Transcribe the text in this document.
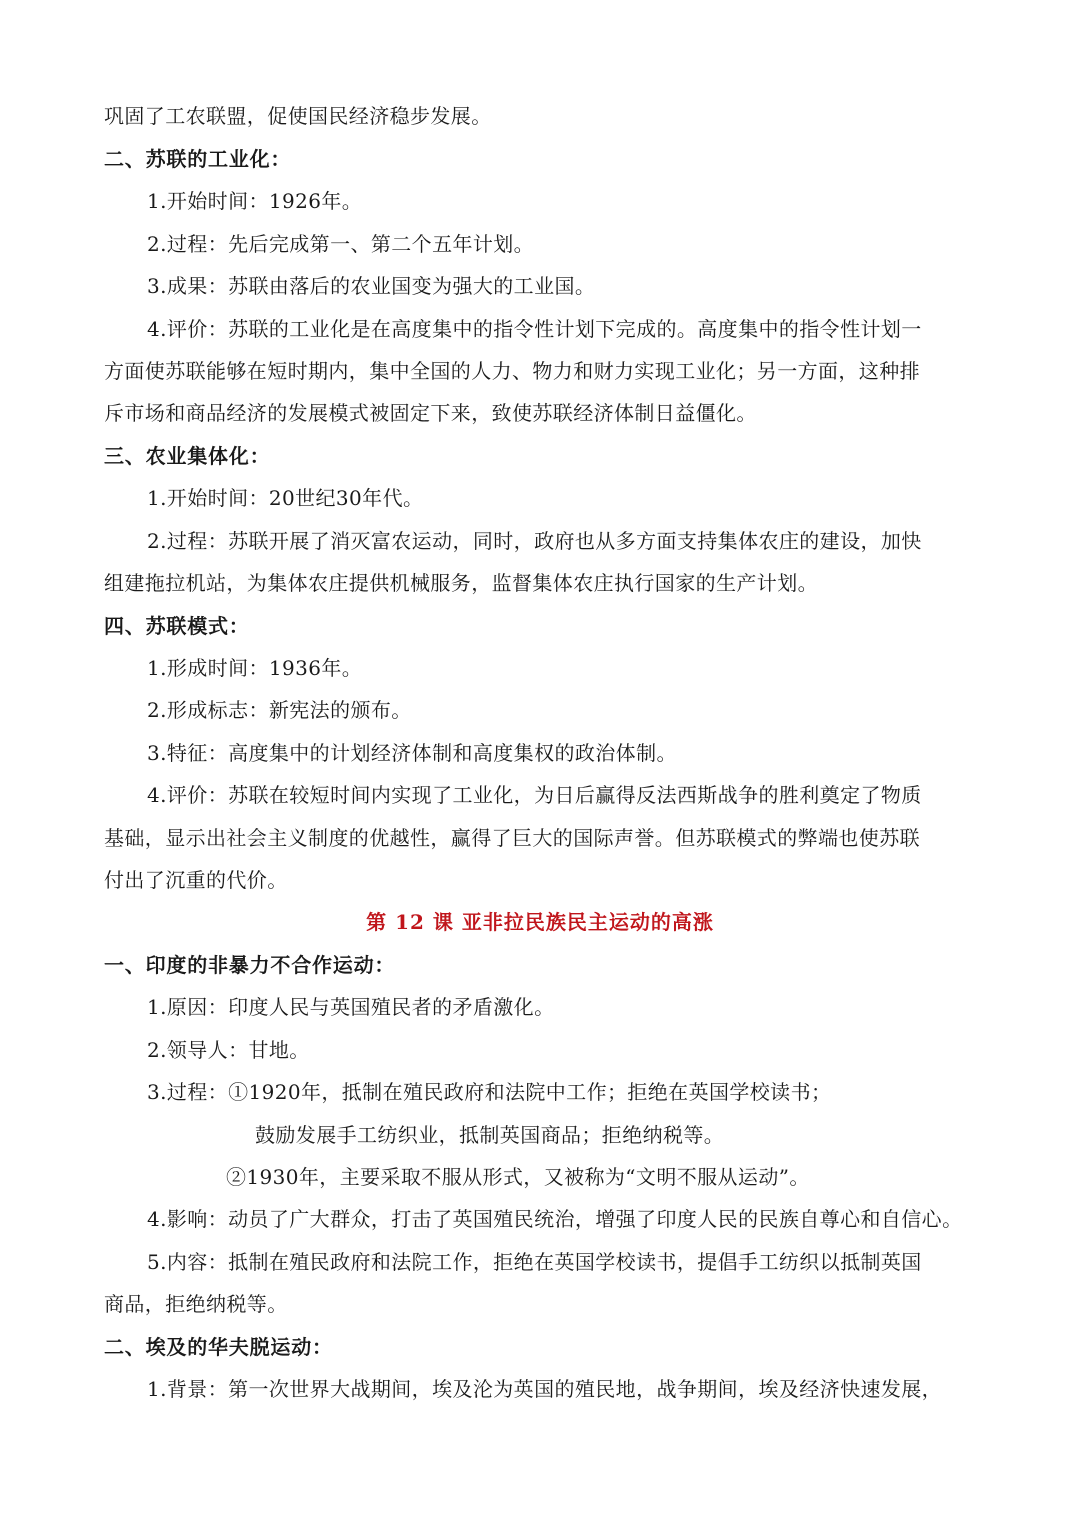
巩固了工农联盟，促使国民经济稳步发展。
二、苏联的工业化：
1.开始时间：1926年。
2.过程：先后完成第一、第二个五年计划。
3.成果：苏联由落后的农业国变为强大的工业国。
4.评价：苏联的工业化是在高度集中的指令性计划下完成的。高度集中的指令性计划一
方面使苏联能够在短时期内，集中全国的人力、物力和财力实现工业化；另一方面，这种排
斥市场和商品经济的发展模式被固定下来，致使苏联经济体制日益僵化。
三、农业集体化：
1.开始时间：20世纪30年代。
2.过程：苏联开展了消灭富农运动，同时，政府也从多方面支持集体农庄的建设，加快
组建拖拉机站，为集体农庄提供机械服务，监督集体农庄执行国家的生产计划。
四、苏联模式：
1.形成时间：1936年。
2.形成标志：新宪法的颁布。
3.特征：高度集中的计划经济体制和高度集权的政治体制。
4.评价：苏联在较短时间内实现了工业化，为日后赢得反法西斯战争的胜利奠定了物质
基础，显示出社会主义制度的优越性，赢得了巨大的国际声誉。但苏联模式的弊端也使苏联
付出了沉重的代价。
第 12 课 亚非拉民族民主运动的高涨
一、印度的非暴力不合作运动：
1.原因：印度人民与英国殖民者的矛盾激化。
2.领导人：甘地。
3.过程：①1920年，抵制在殖民政府和法院中工作；拒绝在英国学校读书；
鼓励发展手工纺织业，抵制英国商品；拒绝纳税等。
②1930年，主要采取不服从形式，又被称为“文明不服从运动”。
4.影响：动员了广大群众，打击了英国殖民统治，增强了印度人民的民族自尊心和自信心。
5.内容：抵制在殖民政府和法院工作，拒绝在英国学校读书，提倡手工纺织以抵制英国
商品，拒绝纳税等。
二、埃及的华夫脱运动：
1.背景：第一次世界大战期间，埃及沦为英国的殖民地，战争期间，埃及经济快速发展，
